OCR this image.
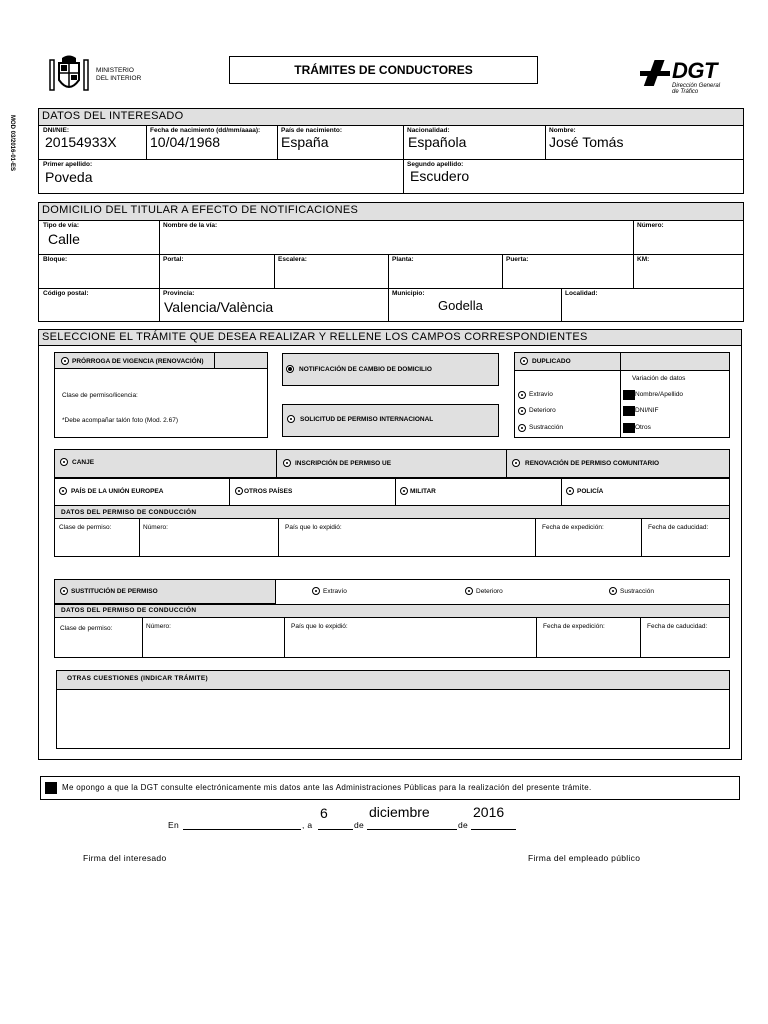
MINISTERIO
DEL INTERIOR
TRÁMITES DE CONDUCTORES	DGT
Dirección General
de Tráfico
MOD 03/2016-01-ES	DATOS DEL INTERESADO
DNI/NIE:
20154933X
Fecha de nacimiento (dd/mm/aaaa):
10/04/1968
País de nacimiento:
España
Nacionalidad:
Española
Nombre:
José Tomás
Primer apellido:
Poveda
Segundo apellido:
Escudero
DOMICILIO DEL TITULAR A EFECTO DE NOTIFICACIONES
Tipo de vía:
Calle
Nombre de la vía:	Número:
Bloque:	Portal:	Escalera:	Planta:	Puerta:	KM:
Código postal:	Provincia:
Valencia/València
Municipio:
Godella
Localidad:
SELECCIONE EL TRÁMITE QUE DESEA REALIZAR Y RELLENE LOS CAMPOS CORRESPONDIENTES
PRÓRROGA DE VIGENCIA (RENOVACIÓN)
Clase de permiso/licencia:
*Debe acompañar talón foto (Mod. 2.67)
NOTIFICACIÓN DE CAMBIO DE DOMICILIO
SOLICITUD DE PERMISO INTERNACIONAL
DUPLICADO
Extravío
Deterioro
Sustracción
Variación de datos
Nombre/Apellido
DNI/NIF
Otros
CANJE	INSCRIPCIÓN DE PERMISO UE	RENOVACIÓN DE PERMISO COMUNITARIO
PAÍS DE LA UNIÓN EUROPEA	OTROS PAÍSES	MILITAR	POLICÍA
DATOS DEL PERMISO DE CONDUCCIÓN
Clase de permiso:	Número:	País que lo expidió:	Fecha de expedición:	Fecha de caducidad:
SUSTITUCIÓN DE PERMISO	Extravío	Deterioro	Sustracción
DATOS DEL PERMISO DE CONDUCCIÓN
Clase de permiso:	Número:	País que lo expidió:	Fecha de expedición:	Fecha de caducidad:
OTRAS CUESTIONES (INDICAR TRÁMITE)
Me opongo a que la DGT consulte electrónicamente mis datos ante las Administraciones Públicas para la realización del presente trámite.
6	diciembre	2016
En	, a	de	de
Firma del interesado	Firma del empleado público
